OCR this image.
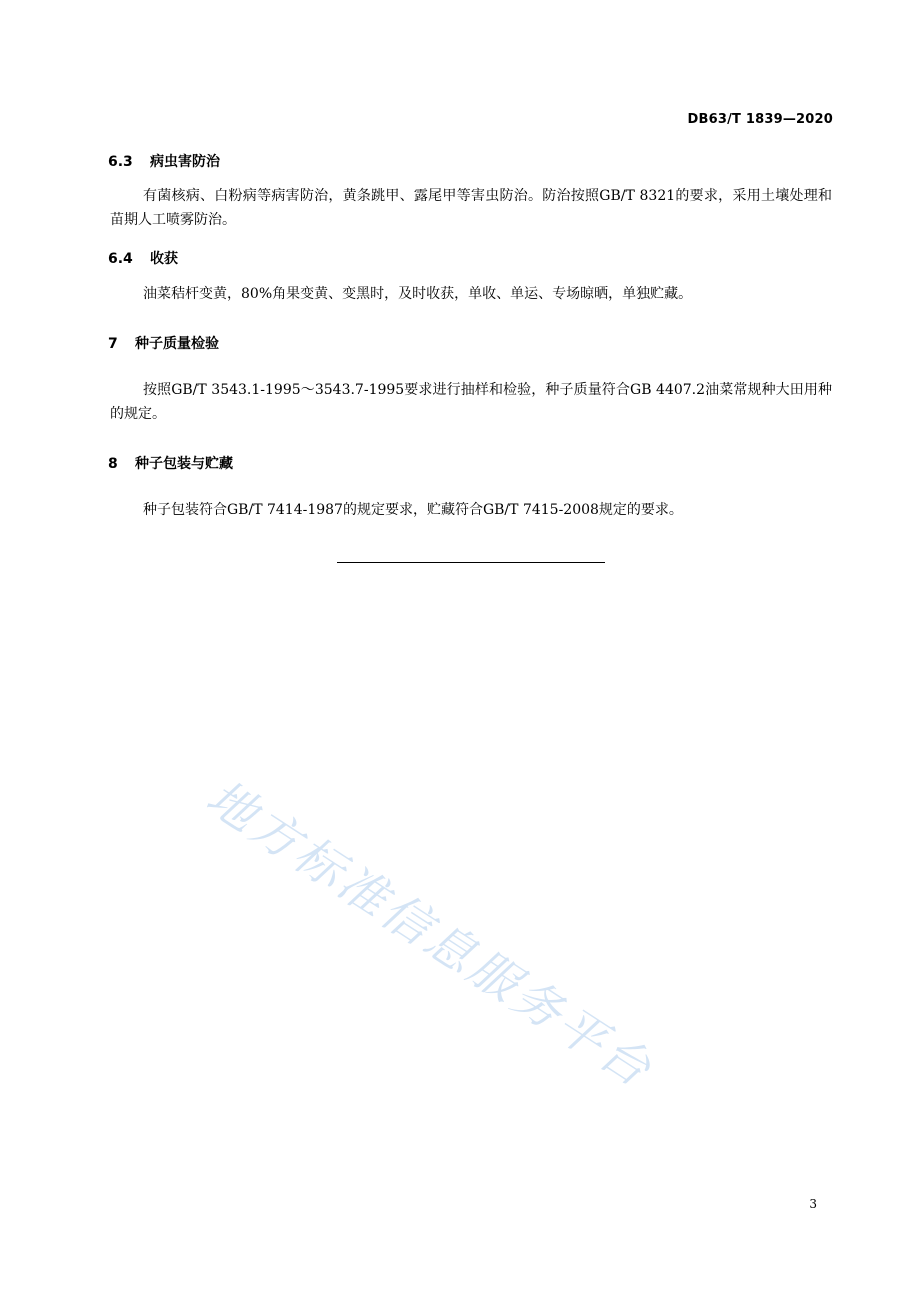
DB63/T 1839—2020
6.3 病虫害防治
有菌核病、白粉病等病害防治，黄条跳甲、露尾甲等害虫防治。防治按照GB/T 8321的要求，采用土壤处理和苗期人工喷雾防治。
6.4 收获
油菜秸杆变黄，80%角果变黄、变黑时，及时收获，单收、单运、专场晾晒，单独贮藏。
7 种子质量检验
按照GB/T 3543.1-1995～3543.7-1995要求进行抽样和检验，种子质量符合GB 4407.2油菜常规种大田用种的规定。
8 种子包装与贮藏
种子包装符合GB/T 7414-1987的规定要求，贮藏符合GB/T 7415-2008规定的要求。
地方标准信息服务平台
3
